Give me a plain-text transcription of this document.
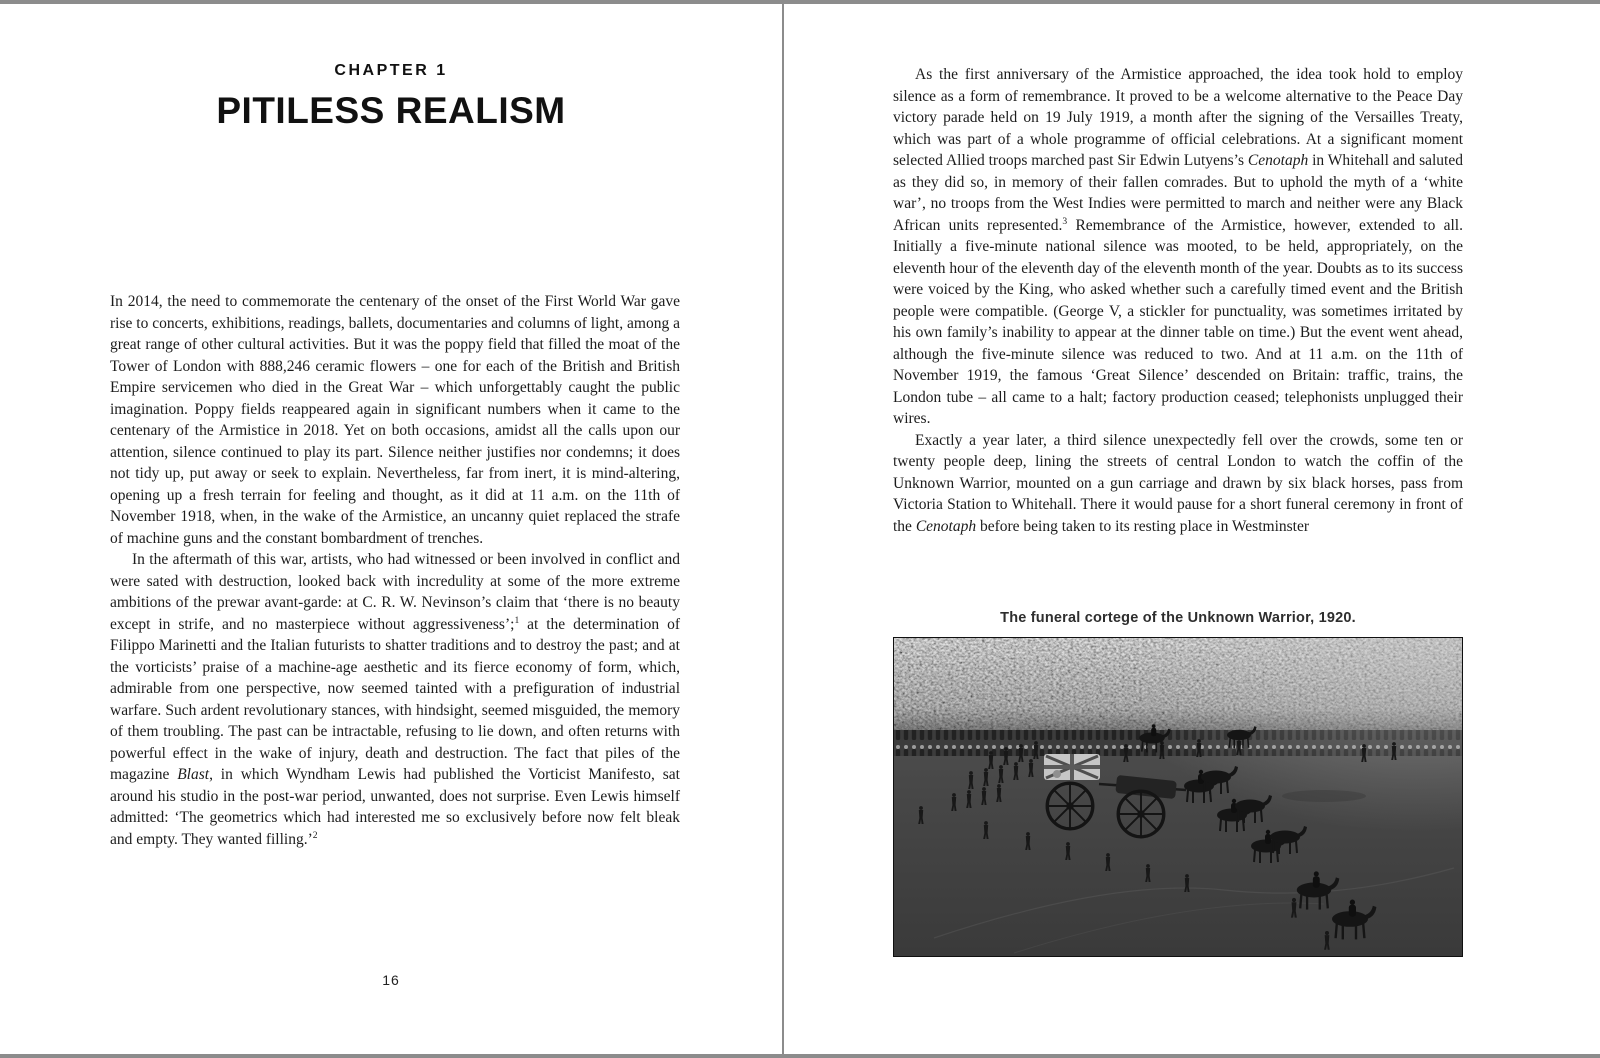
CHAPTER 1
PITILESS REALISM

In 2014, the need to commemorate the centenary of the onset of the First World War gave rise to concerts, exhibitions, readings, ballets, documentaries and columns of light, among a great range of other cultural activities. But it was the poppy field that filled the moat of the Tower of London with 888,246 ceramic flowers – one for each of the British and British Empire servicemen who died in the Great War – which unforgettably caught the public imagination. Poppy fields reappeared again in significant numbers when it came to the centenary of the Armistice in 2018. Yet on both occasions, amidst all the calls upon our attention, silence continued to play its part. Silence neither justifies nor condemns; it does not tidy up, put away or seek to explain. Nevertheless, far from inert, it is mind-altering, opening up a fresh terrain for feeling and thought, as it did at 11 a.m. on the 11th of November 1918, when, in the wake of the Armistice, an uncanny quiet replaced the strafe of machine guns and the constant bombardment of trenches.

In the aftermath of this war, artists, who had witnessed or been involved in conflict and were sated with destruction, looked back with incredulity at some of the more extreme ambitions of the prewar avant-garde: at C. R. W. Nevinson’s claim that ‘there is no beauty except in strife, and no masterpiece without aggressiveness’;$^1$ at the determination of Filippo Marinetti and the Italian futurists to shatter traditions and to destroy the past; and at the vorticists’ praise of a machine-age aesthetic and its fierce economy of form, which, admirable from one perspective, now seemed tainted with a prefiguration of industrial warfare. Such ardent revolutionary stances, with hindsight, seemed misguided, the memory of them troubling. The past can be intractable, refusing to lie down, and often returns with powerful effect in the wake of injury, death and destruction. The fact that piles of the magazine Blast, in which Wyndham Lewis had published the Vorticist Manifesto, sat around his studio in the post-war period, unwanted, does not surprise. Even Lewis himself admitted: ‘The geometrics which had interested me so exclusively before now felt bleak and empty. They wanted filling.’$^2$

16

As the first anniversary of the Armistice approached, the idea took hold to employ silence as a form of remembrance. It proved to be a welcome alternative to the Peace Day victory parade held on 19 July 1919, a month after the signing of the Versailles Treaty, which was part of a whole programme of official celebrations. At a significant moment selected Allied troops marched past Sir Edwin Lutyens’s Cenotaph in Whitehall and saluted as they did so, in memory of their fallen comrades. But to uphold the myth of a ‘white war’, no troops from the West Indies were permitted to march and neither were any Black African units represented.$^3$ Remembrance of the Armistice, however, extended to all. Initially a five-minute national silence was mooted, to be held, appropriately, on the eleventh hour of the eleventh day of the eleventh month of the year. Doubts as to its success were voiced by the King, who asked whether such a carefully timed event and the British people were compatible. (George V, a stickler for punctuality, was sometimes irritated by his own family’s inability to appear at the dinner table on time.) But the event went ahead, although the five-minute silence was reduced to two. And at 11 a.m. on the 11th of November 1919, the famous ‘Great Silence’ descended on Britain: traffic, trains, the London tube – all came to a halt; factory production ceased; telephonists unplugged their wires.

Exactly a year later, a third silence unexpectedly fell over the crowds, some ten or twenty people deep, lining the streets of central London to watch the coffin of the Unknown Warrior, mounted on a gun carriage and drawn by six black horses, pass from Victoria Station to Whitehall. There it would pause for a short funeral ceremony in front of the Cenotaph before being taken to its resting place in Westminster

The funeral cortege of the Unknown Warrior, 1920.
